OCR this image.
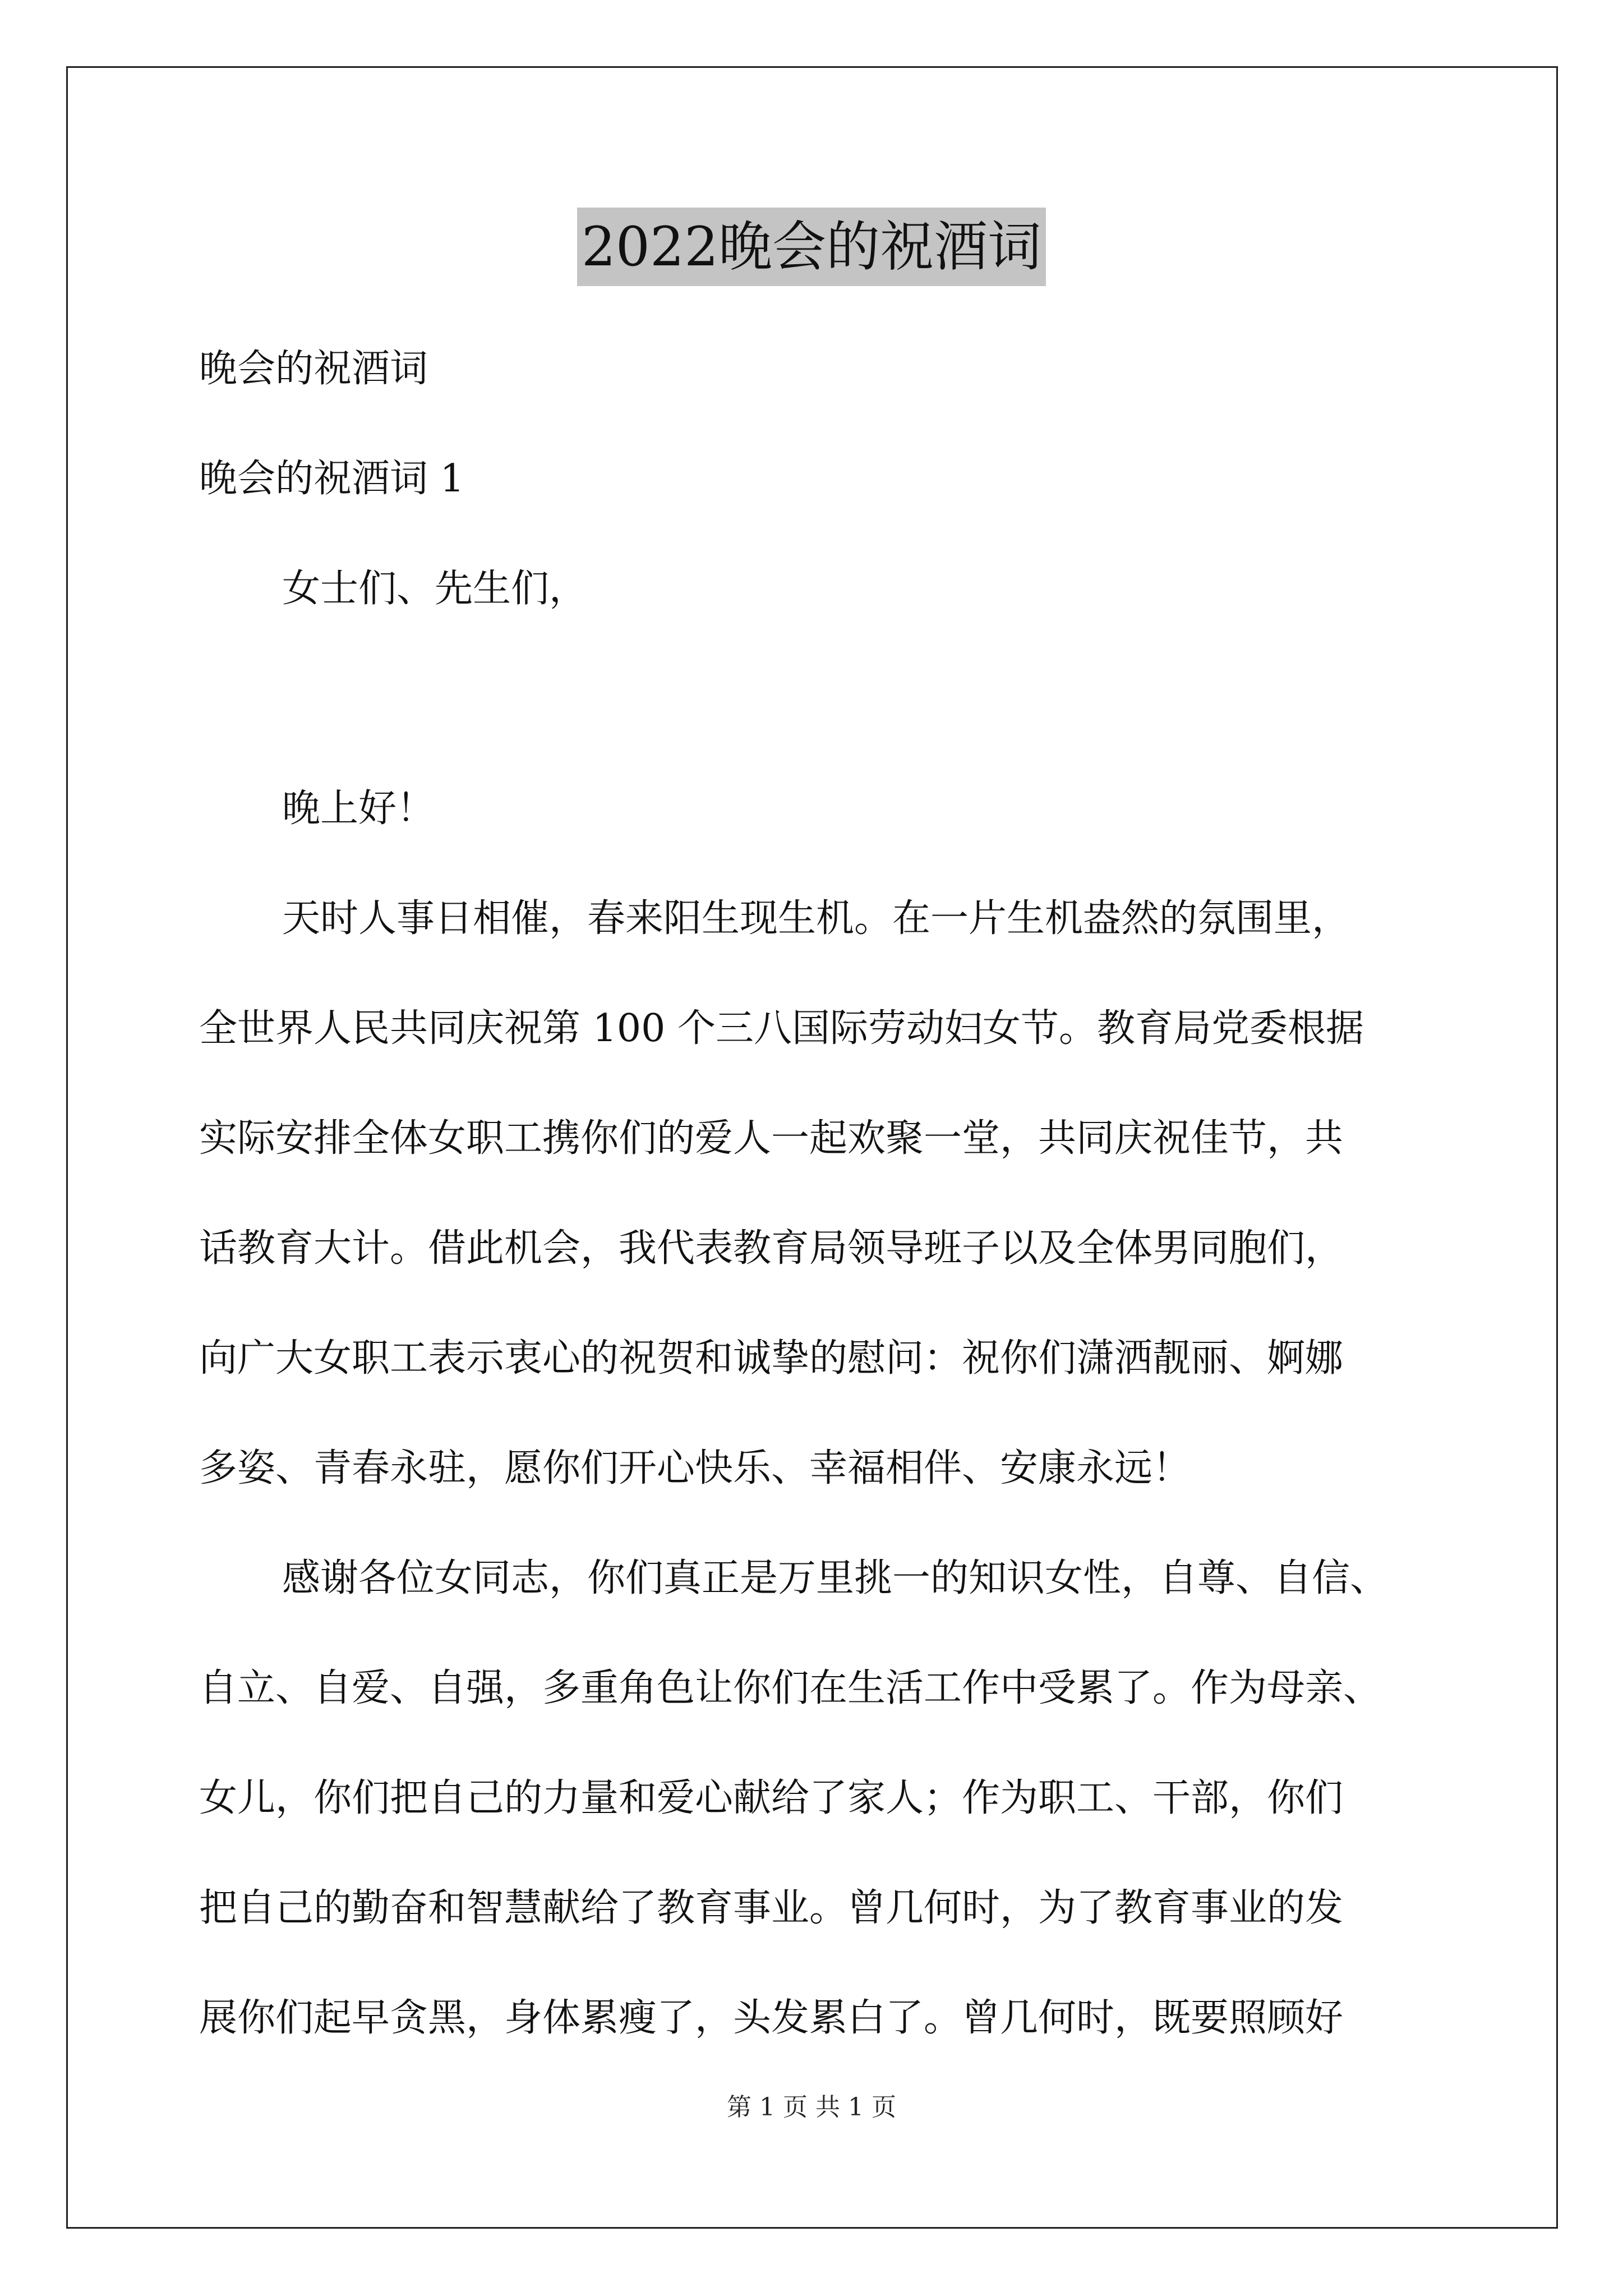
2022晚会的祝酒词
晚会的祝酒词
晚会的祝酒词 1
女士们、先生们，
晚上好！
天时人事日相催，春来阳生现生机。在一片生机盎然的氛围里，
全世界人民共同庆祝第 100 个三八国际劳动妇女节。教育局党委根据
实际安排全体女职工携你们的爱人一起欢聚一堂，共同庆祝佳节，共
话教育大计。借此机会，我代表教育局领导班子以及全体男同胞们，
向广大女职工表示衷心的祝贺和诚挚的慰问：祝你们潇洒靓丽、婀娜
多姿、青春永驻，愿你们开心快乐、幸福相伴、安康永远！
感谢各位女同志，你们真正是万里挑一的知识女性，自尊、自信、
自立、自爱、自强，多重角色让你们在生活工作中受累了。作为母亲、
女儿，你们把自己的力量和爱心献给了家人；作为职工、干部，你们
把自己的勤奋和智慧献给了教育事业。曾几何时，为了教育事业的发
展你们起早贪黑，身体累瘦了，头发累白了。曾几何时，既要照顾好
第 1 页 共 1 页
